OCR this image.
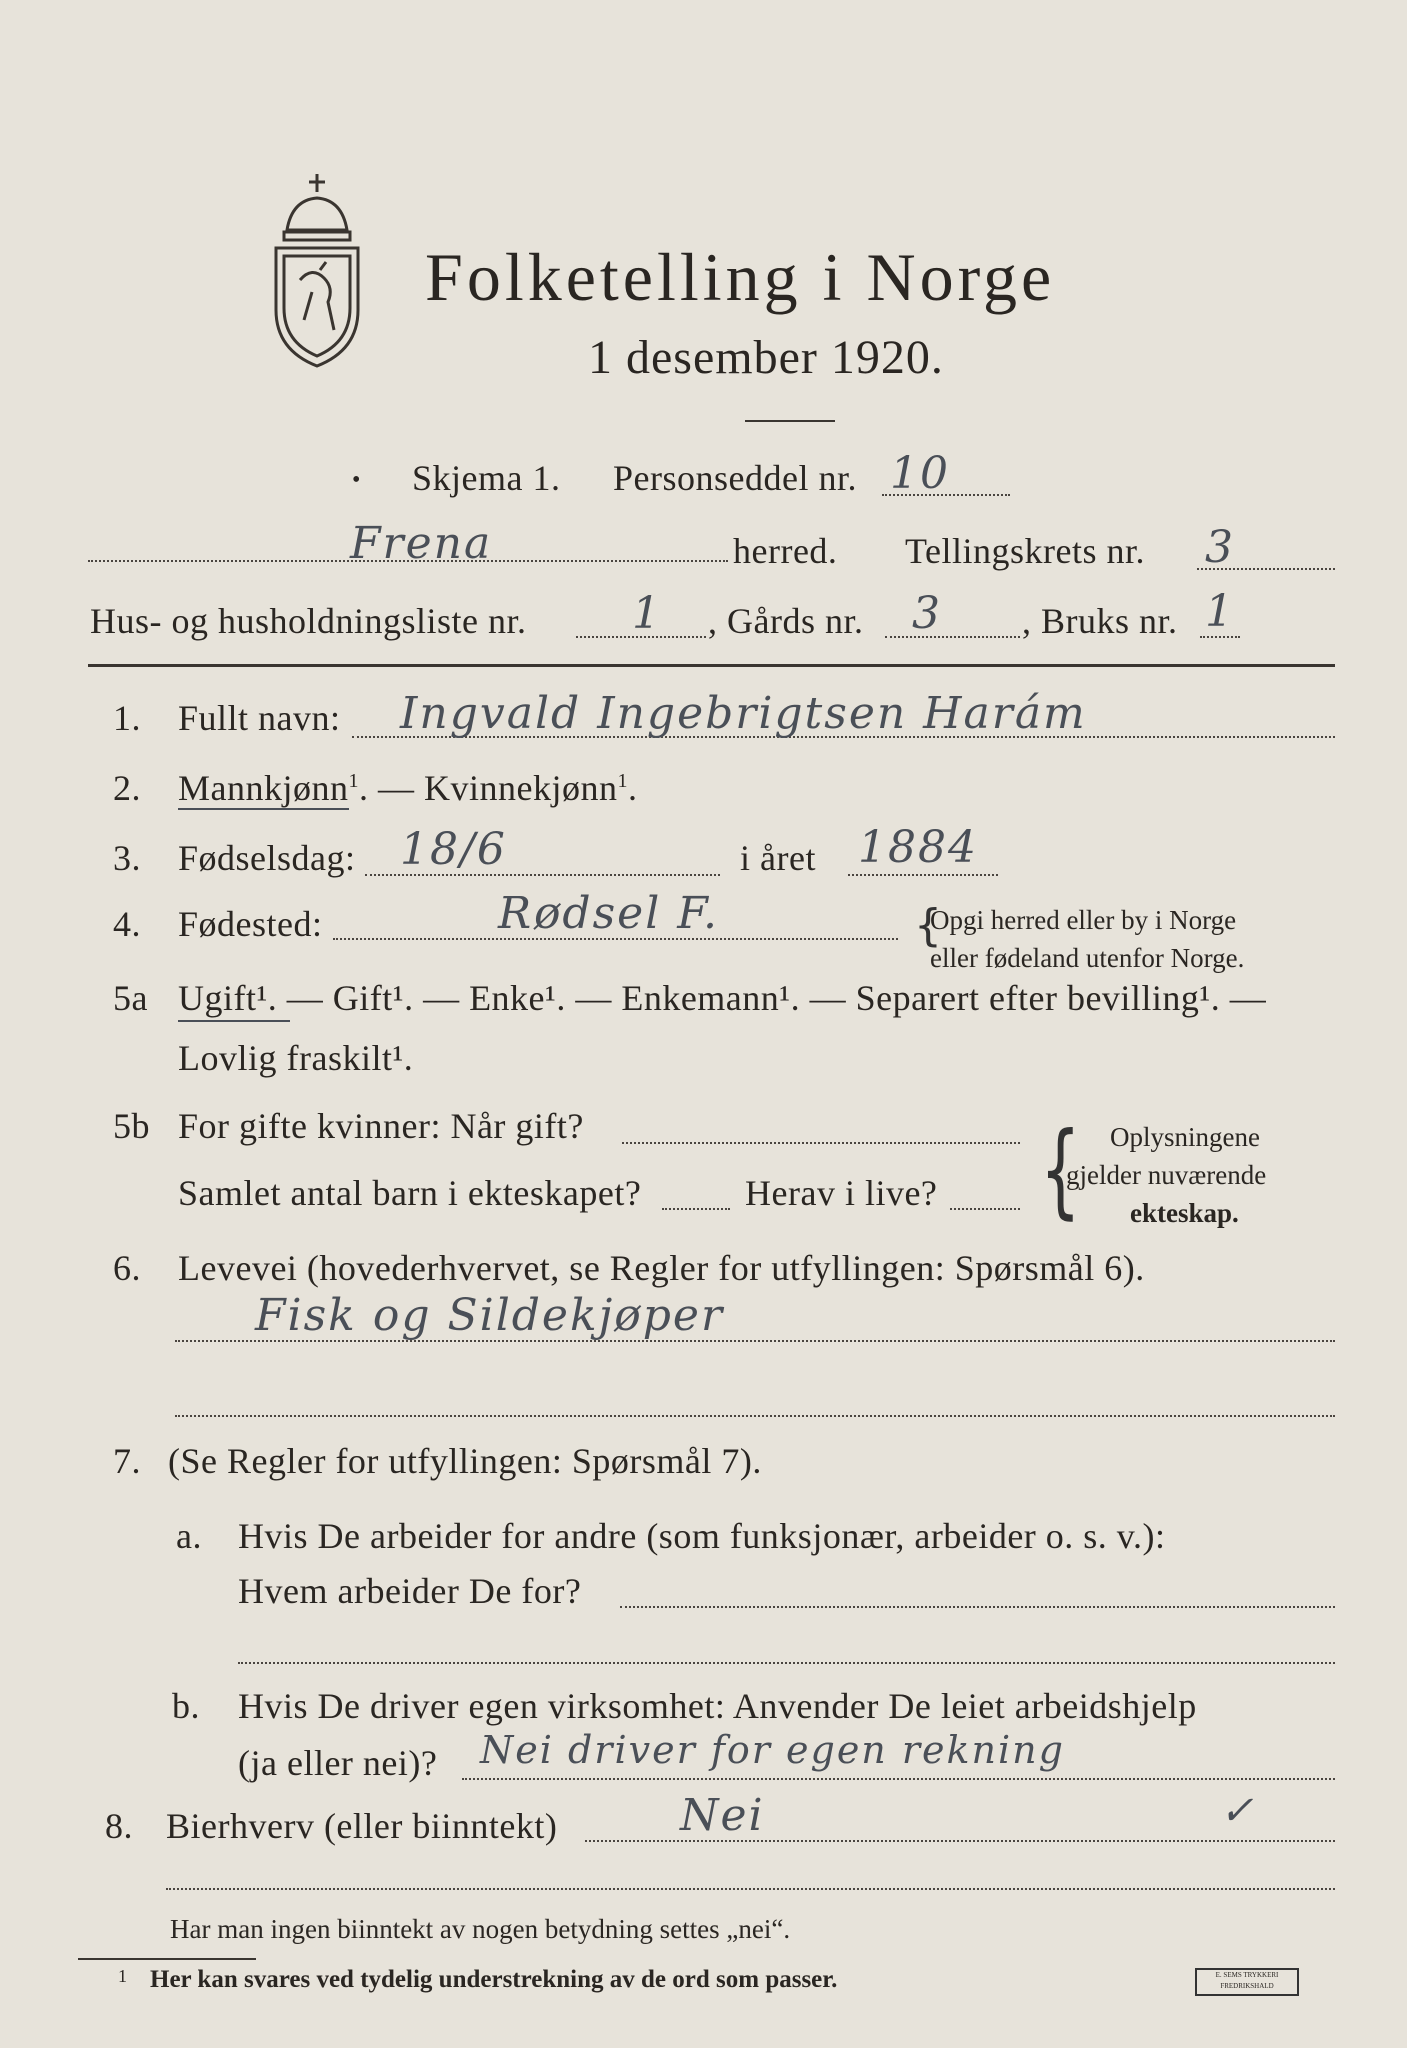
Folketelling i Norge
1 desember 1920.
• Skjema 1. Personseddel nr. 10
Frena	herred. Tellingskrets nr. 3
Hus- og husholdningsliste nr. 1 , Gårds nr. 3 , Bruks nr. 1
1. Fullt navn: Ingvald Ingebrigtsen Harám
2. Mannkjønn$^1$. — Kvinnekjønn$^1$.
3. Fødselsdag: 18/6	i året 1884
4. Fødested:	Rødsel F.	{
Opgi herred eller by i Norge
eller fødeland utenfor Norge.
5a Ugift¹. — Gift¹. — Enke¹. — Enkemann¹. — Separert efter bevilling¹. —
Lovlig fraskilt¹.
5b For gifte kvinner: Når gift?
Samlet antal barn i ekteskapet?	Herav i live? { Oplysningene
gjelder nuværende
ekteskap.
6. Levevei (hovederhvervet, se Regler for utfyllingen: Spørsmål 6).
Fisk og Sildekjøper
7. (Se Regler for utfyllingen: Spørsmål 7).
a. Hvis De arbeider for andre (som funksjonær, arbeider o. s. v.):
Hvem arbeider De for?
b. Hvis De driver egen virksomhet: Anvender De leiet arbeidshjelp
(ja eller nei)? Nei driver for egen rekning
8. Bierhverv (eller biinntekt)	Nei	✓
Har man ingen biinntekt av nogen betydning settes „nei“.
1 Her kan svares ved tydelig understrekning av de ord som passer.	E. SEMS TRYKKERI FREDRIKSHALD
